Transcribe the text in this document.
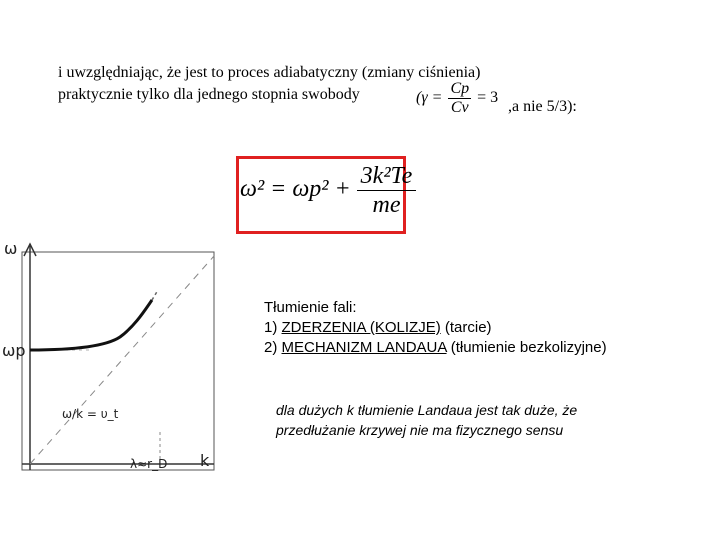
i uwzględniając, że jest to proces adiabatyczny (zmiany ciśnienia)
praktycznie tylko dla jednego stopnia swobody	($\gamma = \frac{Cp}{Cv} = 3$
,a nie 5/3):
$\omega^2 = \omega p^2 + \frac{\text{3k²Te}}{me}$
ω
ωp
k
λ≈r_D
ω/k = υ_t
Tłumienie fali:
1) ZDERZENIA (KOLIZJE) (tarcie)
2) MECHANIZM LANDAUA (tłumienie bezkolizyjne)
dla dużych k tłumienie Landaua jest tak duże, że
przedłużanie krzywej nie ma fizycznego sensu
